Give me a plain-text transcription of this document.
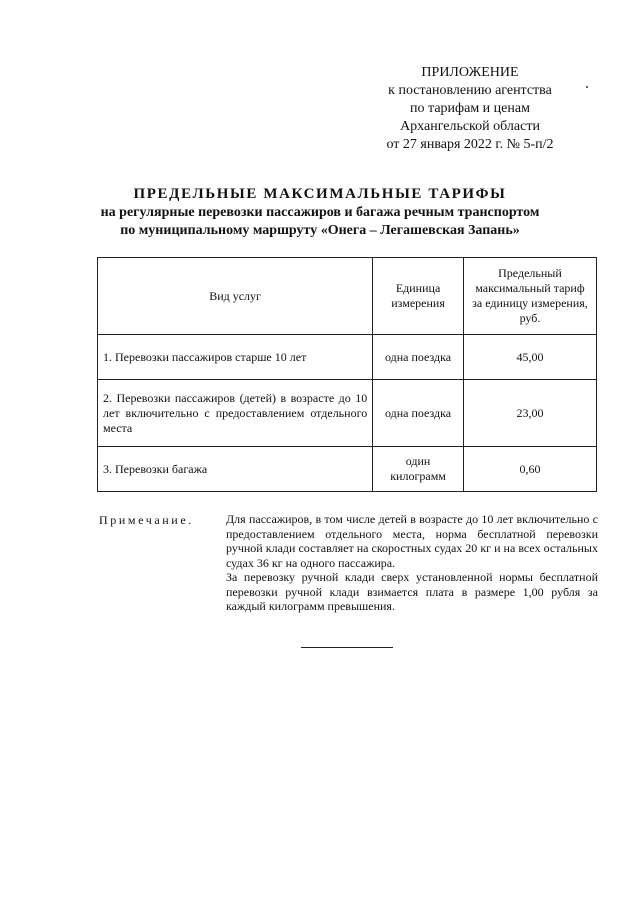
ПРИЛОЖЕНИЕ
к постановлению агентства
по тарифам и ценам
Архангельской области
от 27 января 2022 г. № 5-п/2
ПРЕДЕЛЬНЫЕ МАКСИМАЛЬНЫЕ ТАРИФЫ
на регулярные перевозки пассажиров и багажа речным транспортом
по муниципальному маршруту «Онега – Легашевская Запань»
Вид услуг	Единица измерения	Предельный максимальный тариф за единицу измерения, руб.
1. Перевозки пассажиров старше 10 лет	одна поездка	45,00
2. Перевозки пассажиров (детей) в возрасте до 10 лет включительно с предоставлением отдельного места	одна поездка	23,00
3. Перевозки багажа	один килограмм	0,60
Примечание.	Для пассажиров, в том числе детей в возрасте до 10 лет включительно с предоставлением отдельного места, норма бесплатной перевозки ручной клади составляет на скоростных судах 20 кг и на всех остальных судах 36 кг на одного пассажира.
За перевозку ручной клади сверх установленной нормы бесплатной перевозки ручной клади взимается плата в размере 1,00 рубля за каждый килограмм превышения.
